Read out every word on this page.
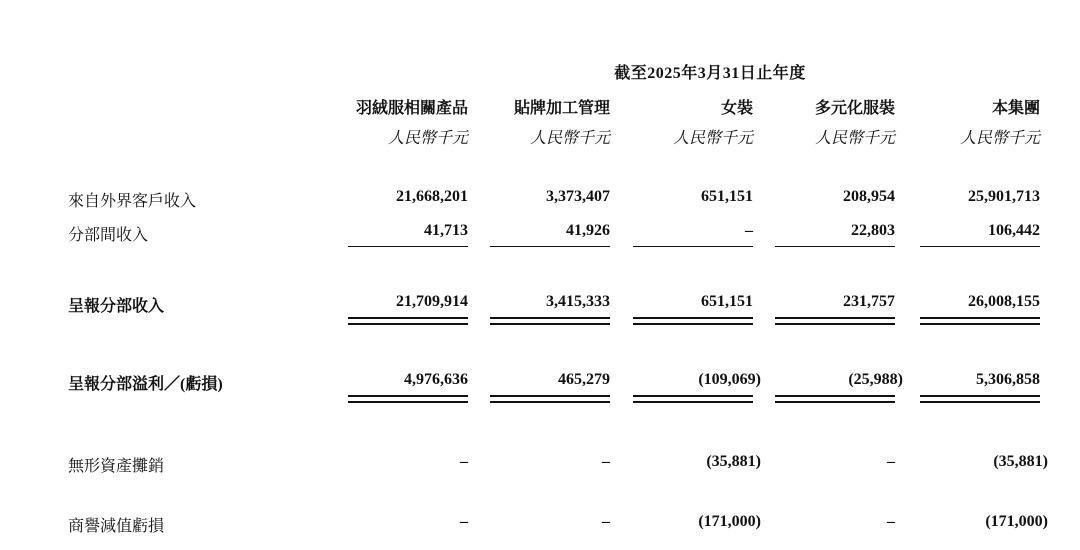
截至2025年3月31日止年度
羽絨服相關產品	貼牌加工管理	女裝	多元化服裝	本集團
人民幣千元	人民幣千元	人民幣千元	人民幣千元	人民幣千元
來自外界客戶收入	21,668,201	3,373,407	651,151	208,954	25,901,713
分部間收入	41,713	41,926	–	22,803	106,442
呈報分部收入	21,709,914	3,415,333	651,151	231,757	26,008,155
呈報分部溢利／(虧損)	4,976,636	465,279	(109,069)	(25,988)	5,306,858
無形資產攤銷	–	–	(35,881)	–	(35,881)
商譽減值虧損	–	–	(171,000)	–	(171,000)
